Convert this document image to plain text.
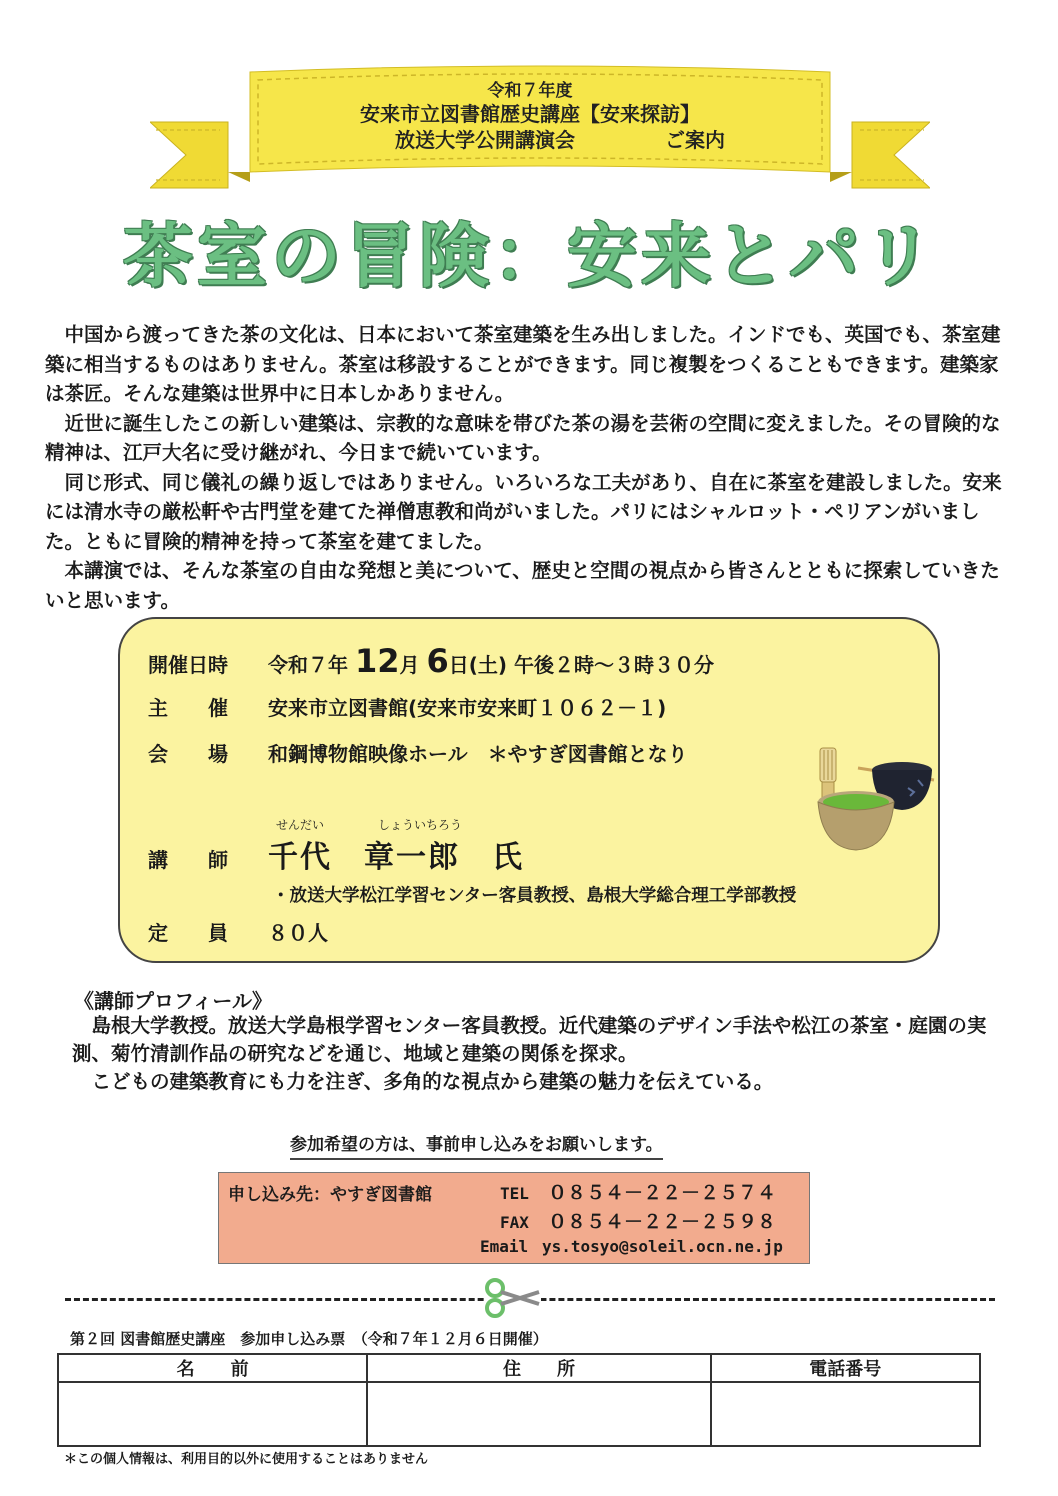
令和７年度
安来市立図書館歴史講座【安来探訪】
放送大学公開講演会	ご案内
茶室の冒険：安来とパリ

中国から渡ってきた茶の文化は、日本において茶室建築を生み出しました。インドでも、英国でも、茶室建築に相当するものはありません。茶室は移設することができます。同じ複製をつくることもできます。建築家は茶匠。そんな建築は世界中に日本しかありません。

近世に誕生したこの新しい建築は、宗教的な意味を帯びた茶の湯を芸術の空間に変えました。その冒険的な精神は、江戸大名に受け継がれ、今日まで続いています。

同じ形式、同じ儀礼の繰り返しではありません。いろいろな工夫があり、自在に茶室を建設しました。安来には清水寺の厳松軒や古門堂を建てた禅僧恵教和尚がいました。パリにはシャルロット・ペリアンがいました。ともに冒険的精神を持って茶室を建てました。

本講演では、そんな茶室の自由な発想と美について、歴史と空間の視点から皆さんとともに探索していきたいと思います。

開催日時 令和７年 12月 6日(土) 午後２時～３時３０分
主　　催 安来市立図書館(安来市安来町１０６２－１)
会　　場 和鋼博物館映像ホール　＊やすぎ図書館となり
せんだい	しょういちろう
講　　師 千代　章一郎　氏
・放送大学松江学習センター客員教授、島根大学総合理工学部教授
定　　員 ８０人
《講師プロフィール》

島根大学教授。放送大学島根学習センター客員教授。近代建築のデザイン手法や松江の茶室・庭園の実測、菊竹清訓作品の研究などを通じ、地域と建築の関係を探求。

こどもの建築教育にも力を注ぎ、多角的な視点から建築の魅力を伝えている。

参加希望の方は、事前申し込みをお願いします。
申し込み先：やすぎ図書館	TEL ０８５４－２２－２５７４
FAX ０８５４－２２－２５９８
Email ys.tosyo@soleil.ocn.ne.jp
第２回 図書館歴史講座　参加申し込み票　（令和７年１２月６日開催）
名　　前	住　　所	電話番号

＊この個人情報は、利用目的以外に使用することはありません
